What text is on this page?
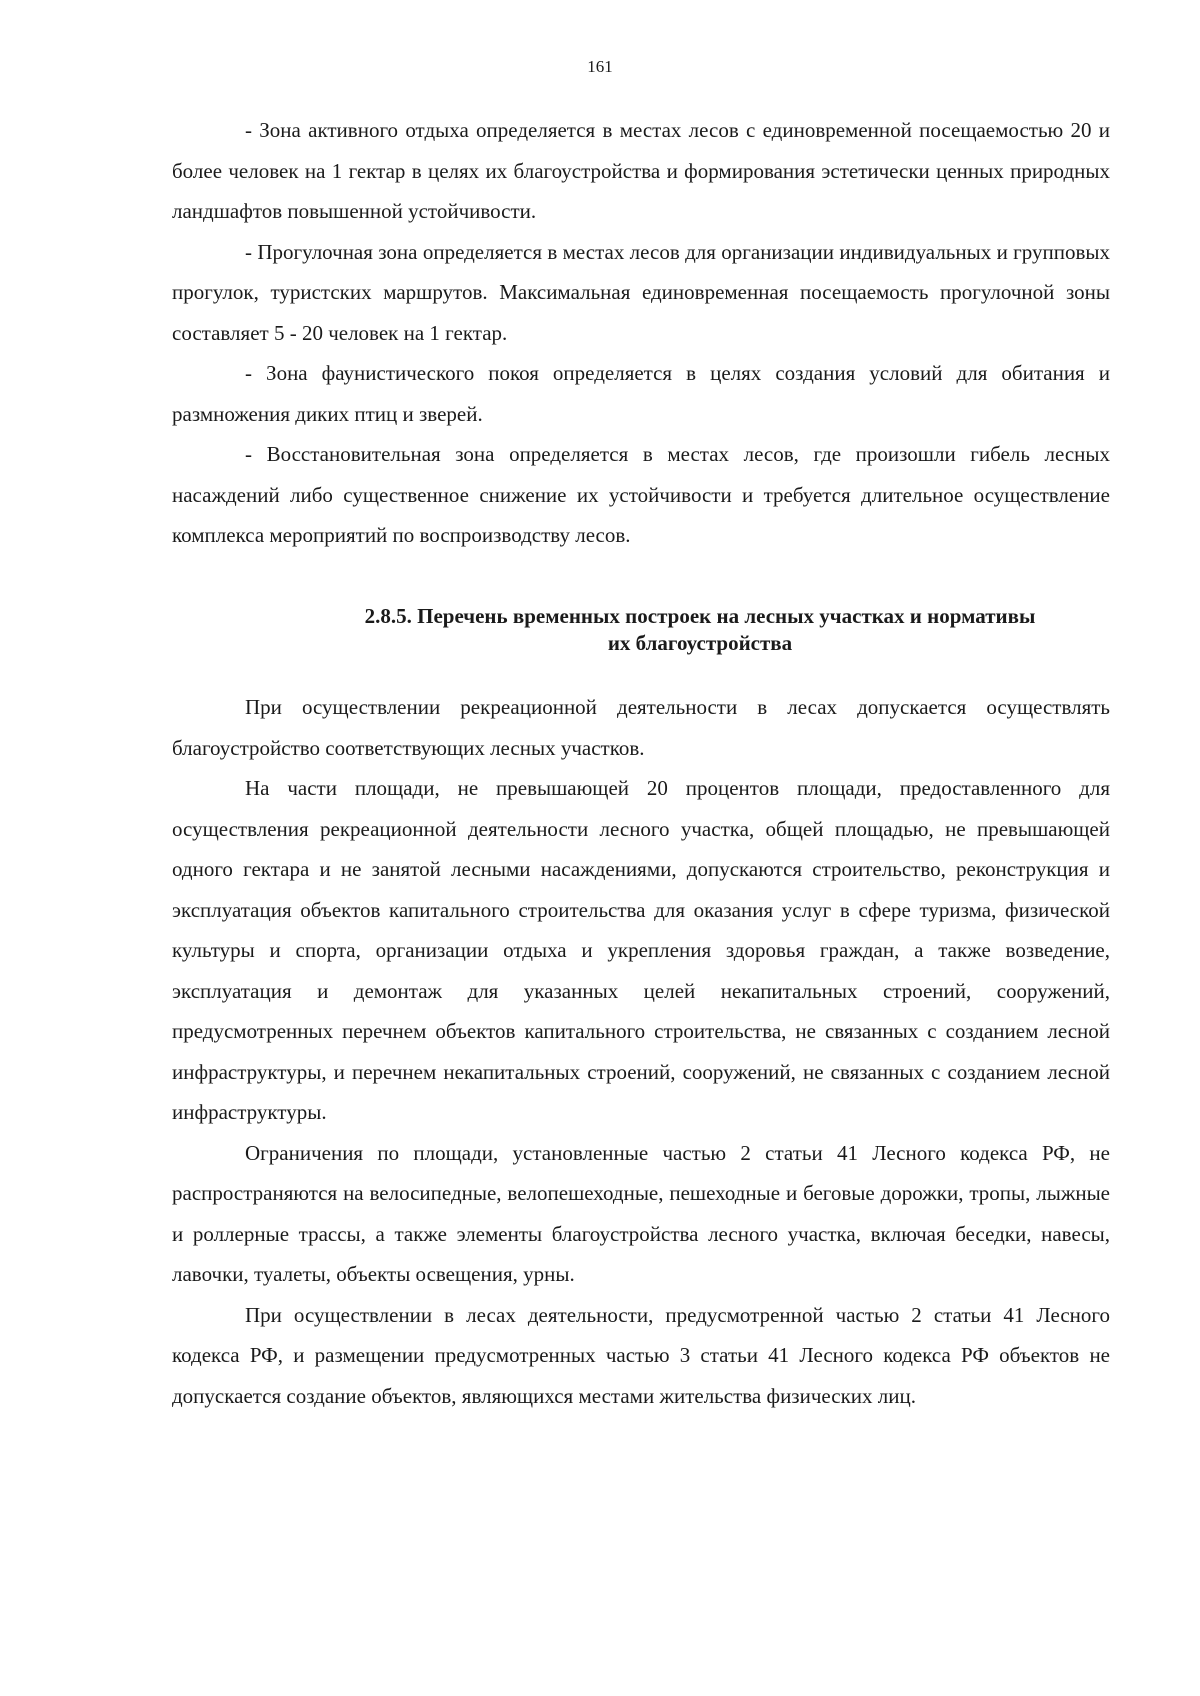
161

- Зона активного отдыха определяется в местах лесов с единовременной посещаемостью 20 и более человек на 1 гектар в целях их благоустройства и формирования эстетически ценных природных ландшафтов повышенной устойчивости.

- Прогулочная зона определяется в местах лесов для организации индивидуальных и групповых прогулок, туристских маршрутов. Максимальная единовременная посещаемость прогулочной зоны составляет 5 - 20 человек на 1 гектар.

- Зона фаунистического покоя определяется в целях создания условий для обитания и размножения диких птиц и зверей.

- Восстановительная зона определяется в местах лесов, где произошли гибель лесных насаждений либо существенное снижение их устойчивости и требуется длительное осуществление комплекса мероприятий по воспроизводству лесов.

2.8.5. Перечень временных построек на лесных участках и нормативы
их благоустройства

При осуществлении рекреационной деятельности в лесах допускается осуществлять благоустройство соответствующих лесных участков.

На части площади, не превышающей 20 процентов площади, предоставленного для осуществления рекреационной деятельности лесного участка, общей площадью, не превышающей одного гектара и не занятой лесными насаждениями, допускаются строительство, реконструкция и эксплуатация объектов капитального строительства для оказания услуг в сфере туризма, физической культуры и спорта, организации отдыха и укрепления здоровья граждан, а также возведение, эксплуатация и демонтаж для указанных целей некапитальных строений, сооружений, предусмотренных перечнем объектов капитального строительства, не связанных с созданием лесной инфраструктуры, и перечнем некапитальных строений, сооружений, не связанных с созданием лесной инфраструктуры.

Ограничения по площади, установленные частью 2 статьи 41 Лесного кодекса РФ, не распространяются на велосипедные, велопешеходные, пешеходные и беговые дорожки, тропы, лыжные и роллерные трассы, а также элементы благоустройства лесного участка, включая беседки, навесы, лавочки, туалеты, объекты освещения, урны.

При осуществлении в лесах деятельности, предусмотренной частью 2 статьи 41 Лесного кодекса РФ, и размещении предусмотренных частью 3 статьи 41 Лесного кодекса РФ объектов не допускается создание объектов, являющихся местами жительства физических лиц.
